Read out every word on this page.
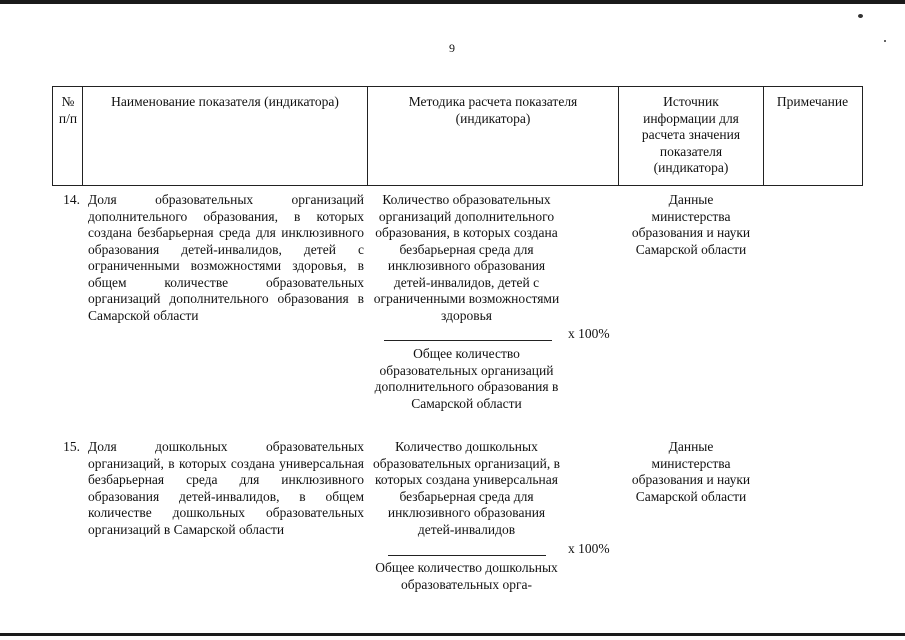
9
№ п/п
Наименование показателя (индикатора)	Методика расчета показателя (индикатора)
Источник информации для расчета значения показателя (индикатора)
Примечание
14. Доля образовательных организаций дополнительного образования, в которых создана безбарьерная среда для инклюзивного образования детей-инвалидов, детей с ограниченными возможностями здоровья, в общем количестве образовательных организаций дополнительного образования в Самарской области
Количество образовательных организаций дополнительного образования, в которых создана безбарьерная среда для инклюзивного образования детей-инвалидов, детей с ограниченными возможностями здоровья
х 100%
Общее количество образовательных организаций дополнительного образования в Самарской области
Данные министерства образования и науки Самарской области
15. Доля дошкольных образовательных организаций, в которых создана универсальная безбарьерная среда для инклюзивного образования детей-инвалидов, в общем количестве дошкольных образовательных организаций в Самарской области
Количество дошкольных образовательных организаций, в которых создана универсальная безбарьерная среда для инклюзивного образования детей-инвалидов
х 100%
Общее количество дошкольных образовательных орга-
Данные министерства образования и науки Самарской области
